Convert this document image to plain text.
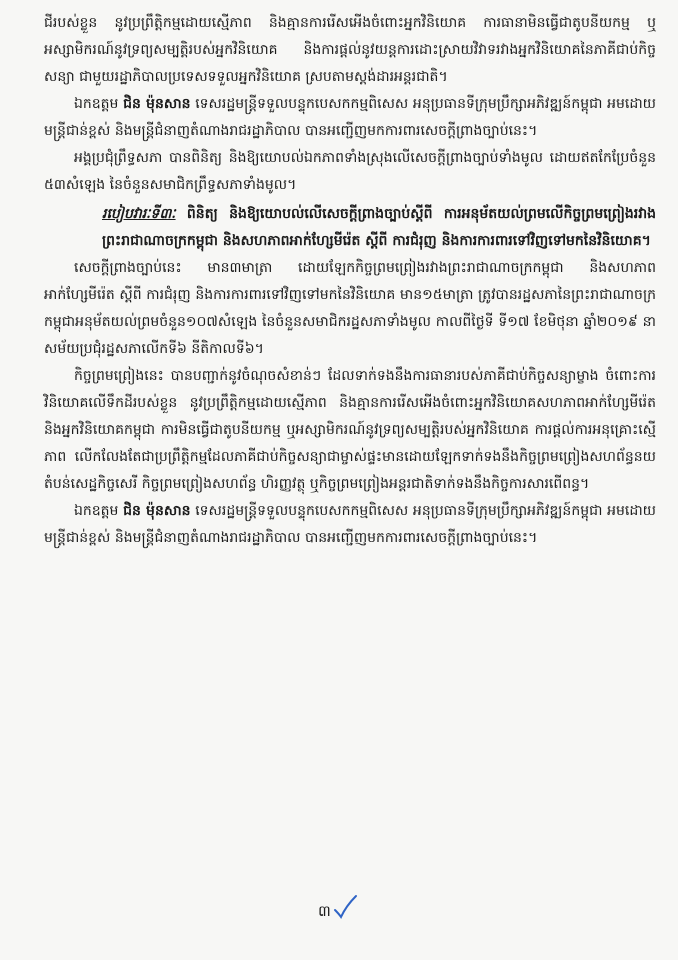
ជីរបស់ខ្លួន នូវប្រព្រឹត្តិកម្មដោយស្មើភាព និងគ្មានការរើសអើងចំពោះអ្នកវិនិយោគ ការធានាមិនធ្វើជាតូបនីយកម្ម ឬអស្សាមិករណ៍នូវទ្រព្យសម្បត្តិរបស់អ្នកវិនិយោគ និងការផ្តល់នូវយន្តការដោះស្រាយវិវាទរវាងអ្នកវិនិយោគនៃភាគីជាប់កិច្ចសន្យា ជាមួយរដ្ឋាភិបាលប្រទេសទទួលអ្នកវិនិយោគ ស្របតាមស្តង់ដារអន្តរជាតិ។

ឯកឧត្តម ជិន ម៉ុនសាន ទេសរដ្ឋមន្ត្រីទទួលបន្ទុកបេសកកម្មពិសេស អនុប្រធានទីក្រុមប្រឹក្សាអភិវឌ្ឍន៍កម្ពុជា អមដោយមន្ត្រីជាន់ខ្ពស់ និងមន្ត្រីជំនាញតំណាងរាជរដ្ឋាភិបាល បានអញ្ជើញមកការពារសេចក្តីព្រាងច្បាប់នេះ។

អង្គប្រជុំព្រឹទ្ធសភា បានពិនិត្យ និងឱ្យយោបល់ឯកភាពទាំងស្រុងលើសេចក្តីព្រាងច្បាប់ទាំងមូល ដោយឥតកែប្រែចំនួន ៥៣សំឡេង នៃចំនួនសមាជិកព្រឹទ្ធសភាទាំងមូល។

របៀបវារៈទី៣ៈ ពិនិត្យ និងឱ្យយោបល់លើសេចក្តីព្រាងច្បាប់ស្តីពី ការអនុម័តយល់ព្រមលើកិច្ចព្រមព្រៀងរវាងព្រះរាជាណាចក្រកម្ពុជា និងសហភាពអាក់ហ្សែមីរ៉េត ស្តីពី ការជំរុញ និងការការពារទៅវិញទៅមកនៃវិនិយោគ។

សេចក្តីព្រាងច្បាប់នេះ មាន៣មាត្រា ដោយឡែកកិច្ចព្រមព្រៀងរវាងព្រះរាជាណាចក្រកម្ពុជា និងសហភាពអាក់ហ្សែមីរ៉េត ស្តីពី ការជំរុញ និងការការពារទៅវិញទៅមកនៃវិនិយោគ មាន១៥មាត្រា ត្រូវបានរដ្ឋសភានៃព្រះរាជាណាចក្រកម្ពុជាអនុម័តយល់ព្រមចំនួន១០៧សំឡេង នៃចំនួនសមាជិករដ្ឋសភាទាំងមូល កាលពីថ្ងៃទី ទី១៧ ខែមិថុនា ឆ្នាំ២០១៩ នាសម័យប្រជុំរដ្ឋសភាលើកទី៦ នីតិកាលទី៦។

កិច្ចព្រមព្រៀងនេះ បានបញ្ជាក់នូវចំណុចសំខាន់ៗ ដែលទាក់ទងនឹងការធានារបស់ភាគីជាប់កិច្ចសន្យាម្ខាង ចំពោះការវិនិយោគលើទឹកដីរបស់ខ្លួន នូវប្រព្រឹត្តិកម្មដោយស្មើភាព និងគ្មានការរើសអើងចំពោះអ្នកវិនិយោគសហភាពអាក់ហ្សែមីរ៉េត និងអ្នកវិនិយោគកម្ពុជា ការមិនធ្វើជាតូបនីយកម្ម ឬអស្សាមិករណ៍នូវទ្រព្យសម្បត្តិរបស់អ្នកវិនិយោគ ការផ្តល់ការអនុគ្រោះស្មើភាព លើកលែងតែជាប្រព្រឹត្តិកម្មដែលភាគីជាប់កិច្ចសន្យាជាម្ចាស់ផ្ទះមានដោយឡែកទាក់ទងនឹងកិច្ចព្រមព្រៀងសហព័ន្ធនយ តំបន់សេដ្ឋកិច្ចសេរី កិច្ចព្រមព្រៀងសហព័ន្ធ ហិរញ្ញវត្ថុ ឬកិច្ចព្រមព្រៀងអន្តរជាតិទាក់ទងនឹងកិច្ចការសារពើពន្ធ។

ឯកឧត្តម ជិន ម៉ុនសាន ទេសរដ្ឋមន្ត្រីទទួលបន្ទុកបេសកកម្មពិសេស អនុប្រធានទីក្រុមប្រឹក្សាអភិវឌ្ឍន៍កម្ពុជា អមដោយមន្ត្រីជាន់ខ្ពស់ និងមន្ត្រីជំនាញតំណាងរាជរដ្ឋាភិបាល បានអញ្ជើញមកការពារសេចក្តីព្រាងច្បាប់នេះ។

៣
